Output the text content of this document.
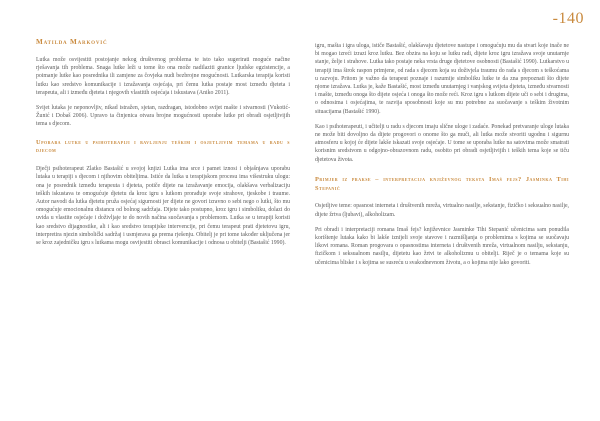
-140
Matilda Marković

Lutka može osvijestiti postojanje nekog društvenog problema te isto tako sugerirati moguće načine rješavanja tih problema. Snaga lutke leži u tome što ona može nadilaziti granice ljudske egzistencije, a poimanje lutke kao posrednika ili zamjene za čovjeka nudi bezbrojne mogućnosti. Lutkarska terapija koristi lutku kao sredstvo komunikacije i izražavanja osjećaja, pri čemu lutka postaje most između djeteta i terapeuta, ali i između djeteta i njegovih vlastitih osjećaja i iskustava (Aniko 2011).

Svijet lutaka je neponovljiv, nikad istražen, sjetan, razdragan, istodobno svijet mašte i stvarnosti (Vukotić-Žunić i Dobaš 2006). Upravo ta činjenica otvara brojne mogućnosti uporabe lutke pri obradi osjetljivijih tema s djecom.

Uporaba lutke u psihoterapiji i bavljenju teškim i osjetljivim temama u radu s djecom

Dječji psihoterapeut Zlatko Bastašić u svojoj knjizi Lutka ima srce i pamet iznosi i objašnjava uporabu lutaka u terapiji s djecom i njihovim obiteljima. Istiće da lutka u terapijskom procesu ima višestruku ulogu: ona je posrednik između terapeuta i djeteta, potiče dijete na izražavanje emocija, olakšava verbalizaciju teških iskustava te omogućuje djetetu da kroz igru s lutkom prorađuje svoje strahove, tjeskobe i traume. Autor navodi da lutka djetetu pruža osjećaj sigurnosti jer dijete ne govori izravno o sebi nego o lutki, što mu omogućuje emocionalnu distancu od bolnog sadržaja. Dijete tako postupno, kroz igru i simboliku, dolazi do uvida u vlastite osjećaje i doživljaje te do novih načina suočavanja s problemom. Lutka se u terapiji koristi kao sredstvo dijagnostike, ali i kao sredstvo terapijske intervencije, pri čemu terapeut prati djetetovu igru, interpretira njezin simbolički sadržaj i usmjerava ga prema rješenju. Obitelj je pri tome također uključena jer se kroz zajedničku igru s lutkama mogu osvijestiti obrasci komunikacije i odnosa u obitelji (Bastašić 1990).

igru, mašta i igra uloga, ističe Bastašić, olakšavaju djetetove nastupe i omogućuju mu da stvari koje inače ne bi mogao izreći izrazi kroz lutku. Bez obzira na koju se lutku radi, dijete kroz igru izražava svoje unutarnje stanje, želje i strahove. Lutka tako postaje neka vrsta druge djetetove osobnosti (Bastašić 1990). Lutkarstvo u terapiji ima širok raspon primjene, od rada s djecom koja su doživjela traumu do rada s djecom s teškoćama u razvoju. Pritom je važno da terapeut poznaje i razumije simboliku lutke te da zna prepoznati što dijete njome izražava. Lutka je, kaže Bastašić, most između unutarnjeg i vanjskog svijeta djeteta, između stvarnosti i mašte, između onoga što dijete osjeća i onoga što može reći. Kroz igru s lutkom dijete uči o sebi i drugima, o odnosima i osjećajima, te razvija sposobnosti koje su mu potrebne za suočavanje s teškim životnim situacijama (Bastašić 1990).

Kao i psihoterapeuti, i učitelji u radu s djecom imaju slične uloge i zadaće. Ponekad pretvaranje uloge lutaka ne može biti dovoljno da dijete progovori o onome što ga muči, ali lutka može stvoriti ugodnu i sigurnu atmosferu u kojoj će dijete lakše iskazati svoje osjećaje. U tome se uporaba lutke na satovima može smatrati korisnim sredstvom u odgojno-obrazovnom radu, osobito pri obradi osjetljivijih i teških tema koje se tiču djetetova života.

Primjer iz prakse – interpretacija književnog teksta Imaš fejs? Jasminka Tihi Stepanić

Osjetljive teme: opasnost interneta i društvenih mreža, virtualno nasilje, sekstanje, fizičko i seksualno nasilje, dijete žrtva (ljubavi), alkoholizam.

Pri obradi i interpretaciji romana Imaš fejs? književnice Jasminke Tihi Stepanić učenicima sam ponudila korištenje lutaka kako bi lakše iznijeli svoje stavove i razmišljanja o problemima s kojima se suočavaju likovi romana. Roman progovara o opasnostima interneta i društvenih mreža, virtualnom nasilju, sekstanju, fizičkom i seksualnom nasilju, dijetetu kao žrtvi te alkoholizmu u obitelji. Riječ je o temama koje su učenicima bliske i s kojima se susreću u svakodnevnom životu, a o kojima nije lako govoriti.
